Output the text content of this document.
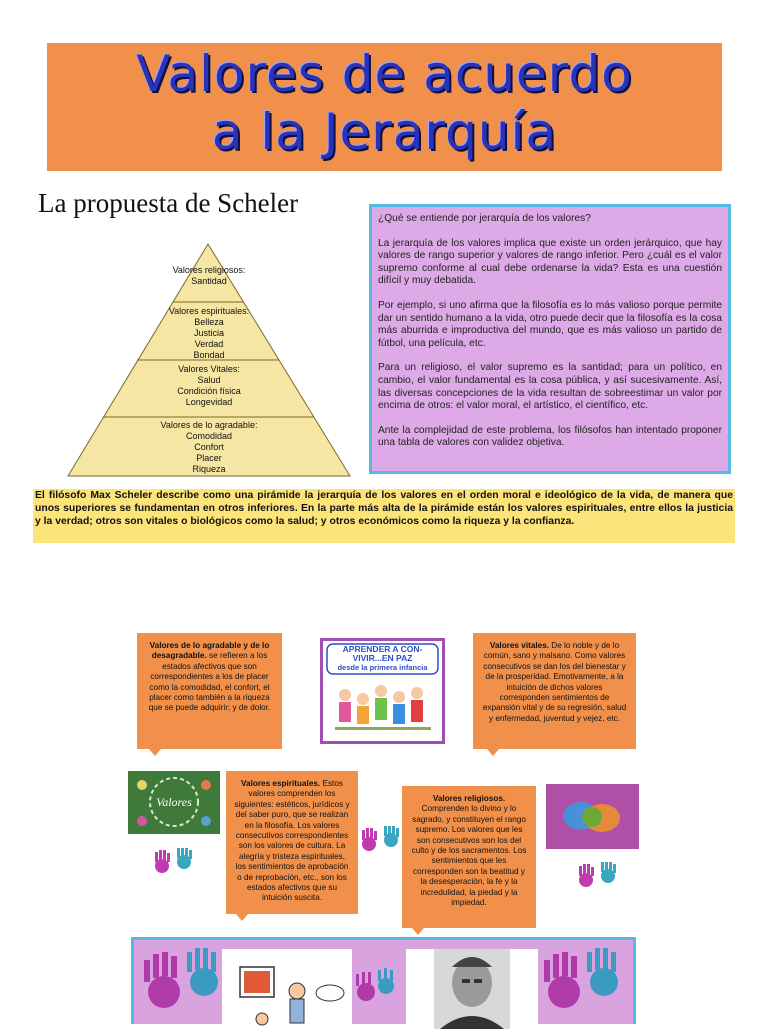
Valores de acuerdo
a la Jerarquía
La propuesta de Scheler
Valores religiosos:
Santidad
Valores espirituales:
Belleza
Justicia
Verdad
Bondad
Valores Vitales:
Salud
Condición física
Longevidad
Valores de lo agradable:
Comodidad
Confort
Placer
Riqueza

¿Qué se entiende por jerarquía de los valores?

La jerarquía de los valores implica que existe un orden jerárquico, que hay valores de rango superior y valores de rango inferior. Pero ¿cuál es el valor supremo conforme al cual debe ordenarse la vida? Esta es una cuestión difícil y muy debatida.

Por ejemplo, si uno afirma que la filosofía es lo más valioso porque permite dar un sentido humano a la vida, otro puede decir que la filosofía es la cosa más aburrida e improductiva del mundo, que es más valioso un partido de fútbol, una película, etc.

Para un religioso, el valor supremo es la santidad; para un político, en cambio, el valor fundamental es la cosa pública, y así sucesivamente. Así, las diversas concepciones de la vida resultan de sobreestimar un valor por encima de otros: el valor moral, el artístico, el científico, etc.

Ante la complejidad de este problema, los filósofos han intentado proponer una tabla de valores con validez objetiva.

El filósofo Max Scheler describe como una pirámide la jerarquía de los valores en el orden moral e ideológico de la vida, de manera que unos superiores se fundamentan en otros inferiores. En la parte más alta de la pirámide están los valores espirituales, entre ellos la justicia y la verdad; otros son vitales o biológicos como la salud; y otros económicos como la riqueza y la confianza.
Valores de lo agradable y de lo desagradable. se refieren a los estados afectivos que son correspondientes a los de placer como la comodidad, el confort, el placer como también a la riqueza que se puede adquirir; y de dolor.
APRENDER A CON-
VIVIR...EN PAZ
desde la primera infancia
Valores vitales. De lo noble y de lo común, sano y malsano. Como valores consecutivos se dan los del bienestar y de la prosperidad. Emotivamente, a la intuición de dichos valores corresponden sentimientos de expansión vital y de su regresión, salud y enfermedad, juventud y vejez, etc.
Valores
Valores espirituales. Estos valores comprenden los siguientes: estéticos, jurídicos y del saber puro, que se realizan en la filosofía. Los valores consecutivos correspondientes son los valores de cultura. La alegría y tristeza espirituales, los sentimientos de aprobación o de reprobación, etc., son los estados afectivos que su intuición suscita.
Valores religiosos.
Comprenden lo divino y lo sagrado, y constituyen el rango supremo. Los valores que les son consecutivos son los del culto y de los sacramentos. Los sentimientos que les corresponden son la beatitud y la desesperación, la fe y la incredulidad, la piedad y la impiedad.
